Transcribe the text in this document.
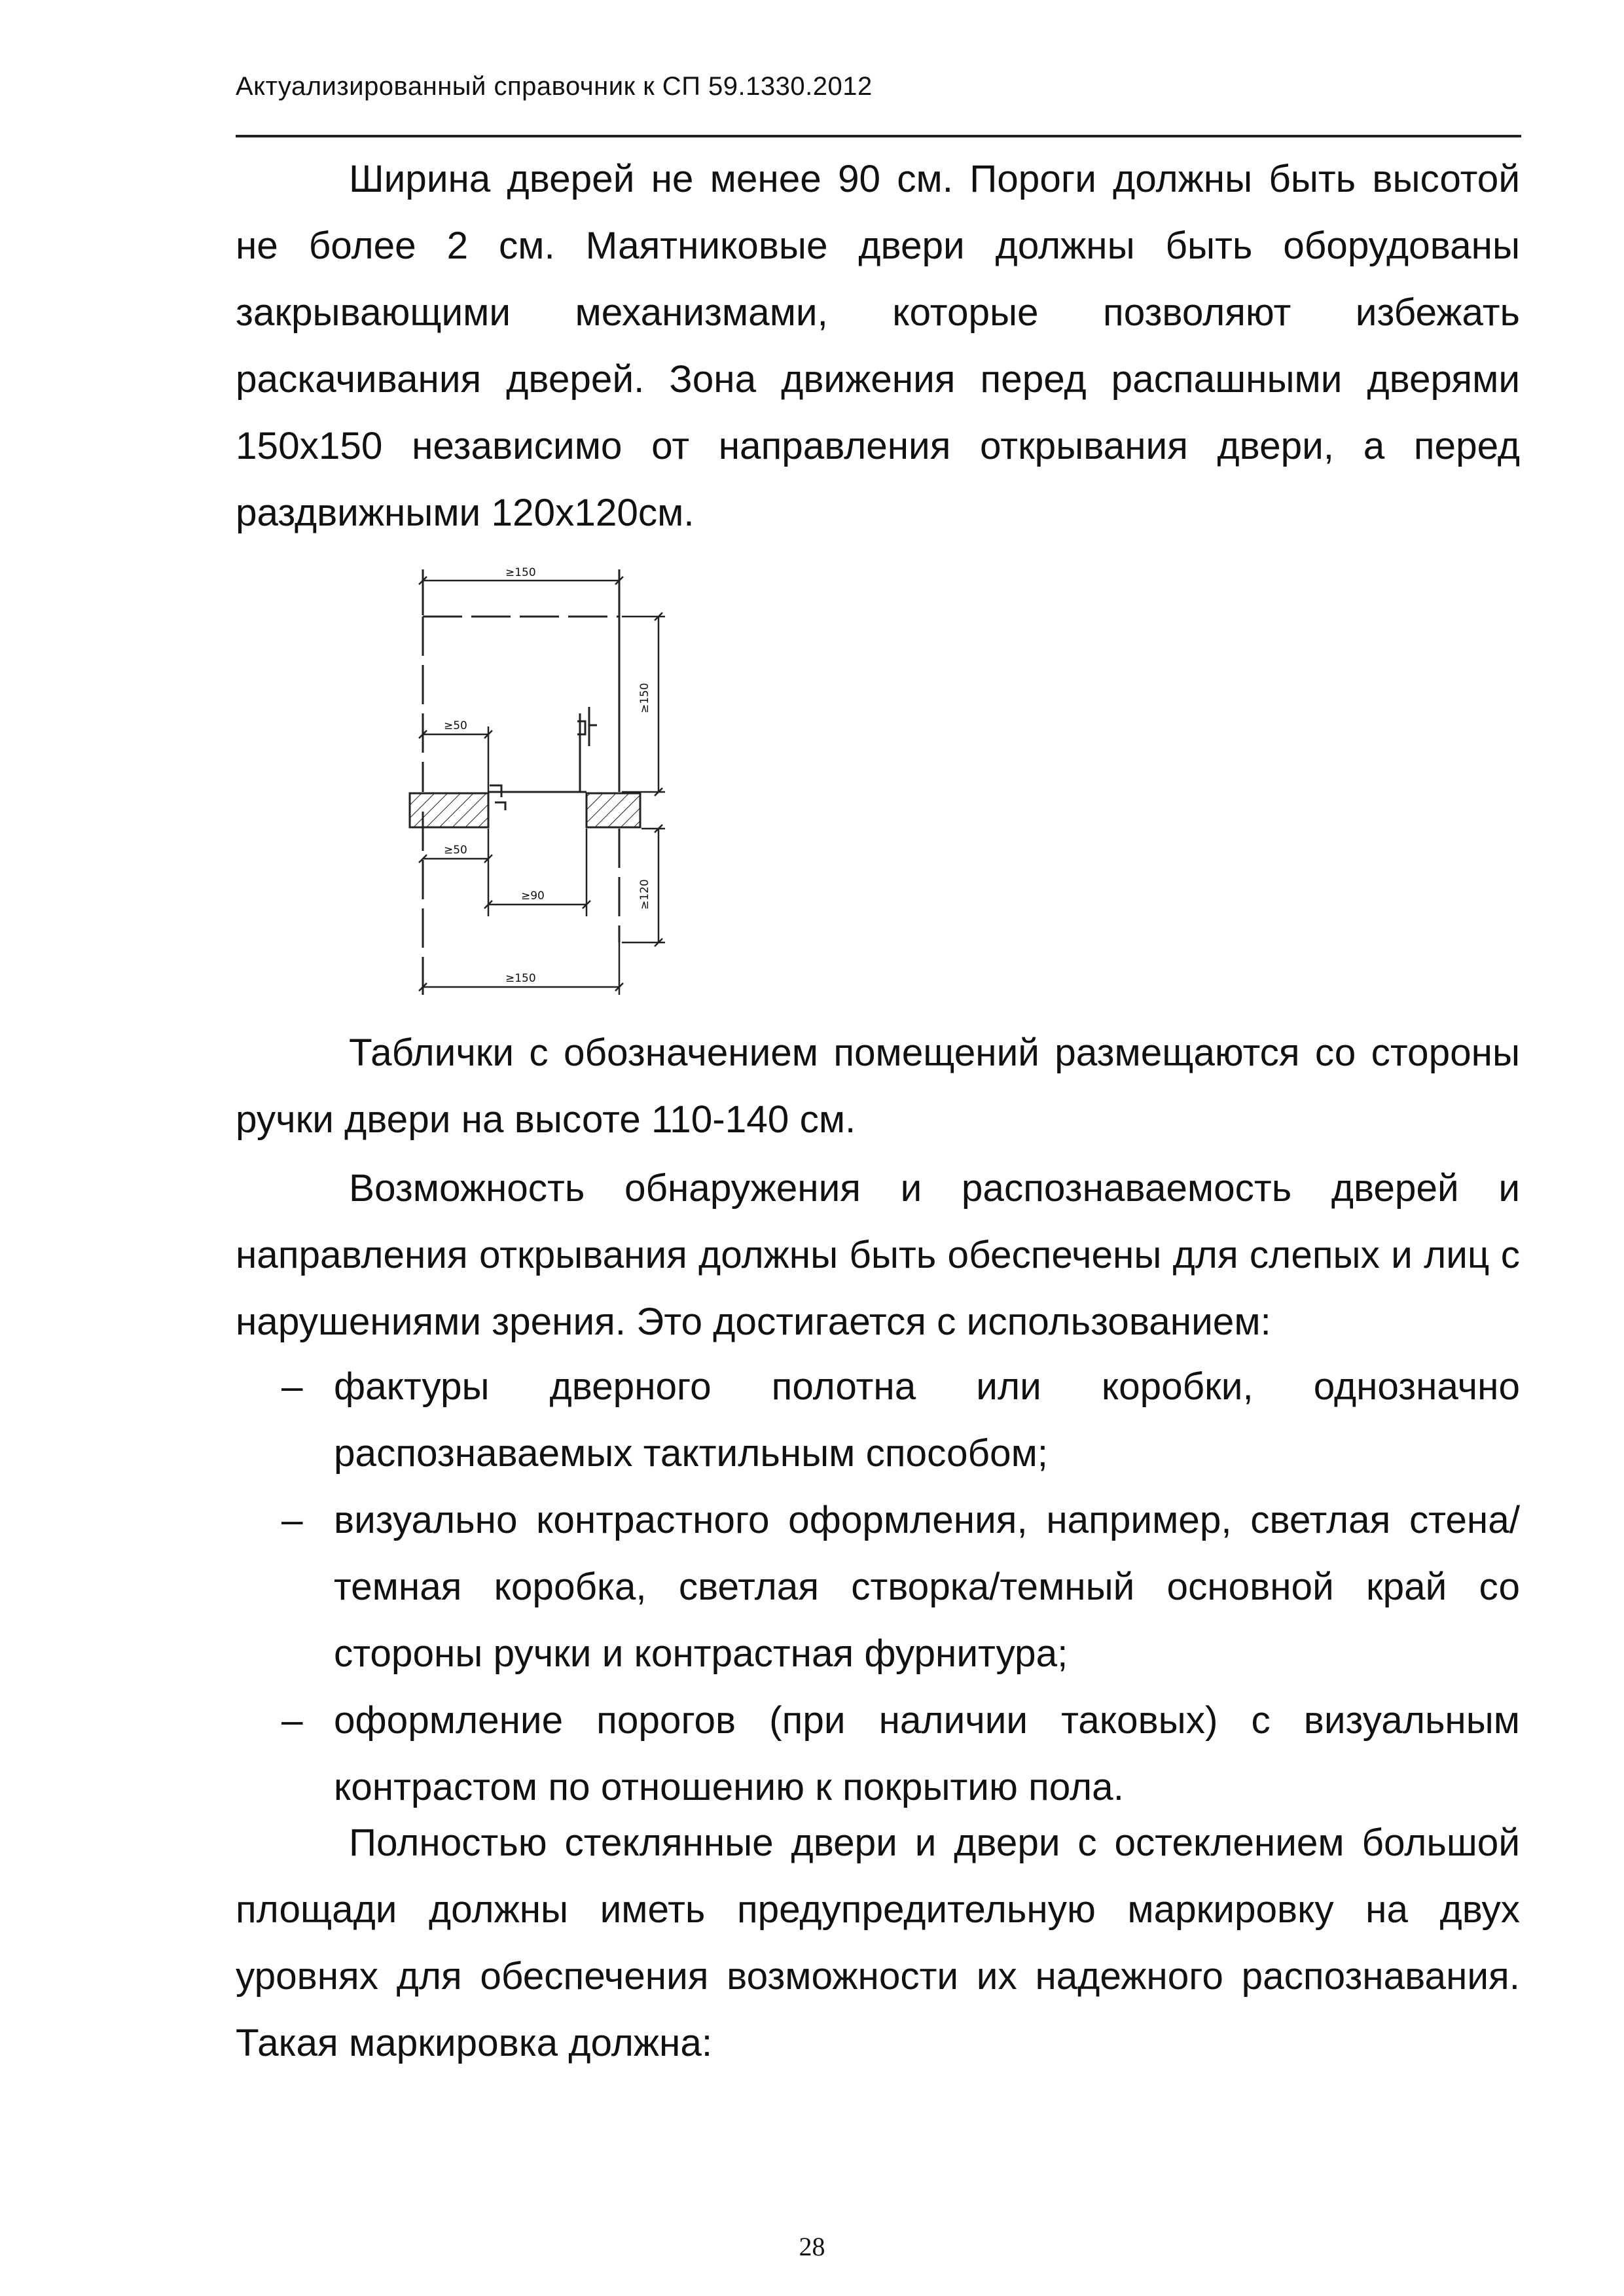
Актуализированный справочник к СП 59.1330.2012
Ширина дверей не менее 90 см. Пороги должны быть высотой не более 2 см. Маятниковые двери должны быть оборудованы закрывающими механизмами, которые позволяют избежать раскачивания дверей. Зона движения перед распашными дверями 150x150 независимо от направления открывания двери, а перед раздвижными 120x120см.
≥150
≥150
≥50
≥50
≥90	≥120
≥150
Таблички с обозначением помещений размещаются со стороны ручки двери на высоте 110-140 см.
Возможность обнаружения и распознаваемость дверей и направления открывания должны быть обеспечены для слепых и лиц с нарушениями зрения. Это достигается с использованием:
– фактуры дверного полотна или коробки, однозначно распознаваемых тактильным способом;
– визуально контрастного оформления, например, светлая стена/темная коробка, светлая створка/темный основной край со стороны ручки и контрастная фурнитура;
– оформление порогов (при наличии таковых) с визуальным контрастом по отношению к покрытию пола.
Полностью стеклянные двери и двери с остеклением большой площади должны иметь предупредительную маркировку на двух уровнях для обеспечения возможности их надежного распознавания. Такая маркировка должна:
28
